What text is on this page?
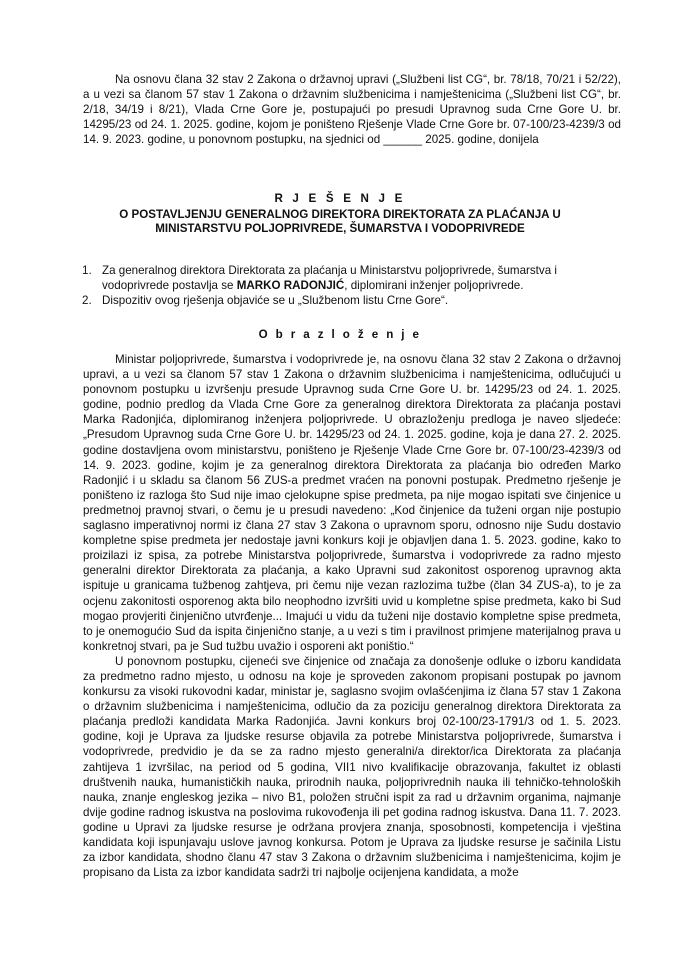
Na osnovu člana 32 stav 2 Zakona o državnoj upravi („Službeni list CG“, br. 78/18, 70/21 i 52/22), a u vezi sa članom 57 stav 1 Zakona o državnim službenicima i namještenicima („Službeni list CG“, br. 2/18, 34/19 i 8/21), Vlada Crne Gore je, postupajući po presudi Upravnog suda Crne Gore U. br. 14295/23 od 24. 1. 2025. godine, kojom je poništeno Rješenje Vlade Crne Gore br. 07-100/23-4239/3 od 14. 9. 2023. godine, u ponovnom postupku, na sjednici od ______ 2025. godine, donijela
R J E Š E N J E
O POSTAVLJENJU GENERALNOG DIREKTORA DIREKTORATA ZA PLAĆANJA U
MINISTARSTVU POLJOPRIVREDE, ŠUMARSTVA I VODOPRIVREDE
1. Za generalnog direktora Direktorata za plaćanja u Ministarstvu poljoprivrede, šumarstva i vodoprivrede postavlja se MARKO RADONJIĆ, diplomirani inženjer poljoprivrede.
2. Dispozitiv ovog rješenja objaviće se u „Službenom listu Crne Gore“.
O b r a z l o ž e n j e

Ministar poljoprivrede, šumarstva i vodoprivrede je, na osnovu člana 32 stav 2 Zakona o državnoj upravi, a u vezi sa članom 57 stav 1 Zakona o državnim službenicima i namještenicima, odlučujući u ponovnom postupku u izvršenju presude Upravnog suda Crne Gore U. br. 14295/23 od 24. 1. 2025. godine, podnio predlog da Vlada Crne Gore za generalnog direktora Direktorata za plaćanja postavi Marka Radonjića, diplomiranog inženjera poljoprivrede. U obrazloženju predloga je naveo sljedeće: „Presudom Upravnog suda Crne Gore U. br. 14295/23 od 24. 1. 2025. godine, koja je dana 27. 2. 2025. godine dostavljena ovom ministarstvu, poništeno je Rješenje Vlade Crne Gore br. 07-100/23-4239/3 od 14. 9. 2023. godine, kojim je za generalnog direktora Direktorata za plaćanja bio određen Marko Radonjić i u skladu sa članom 56 ZUS-a predmet vraćen na ponovni postupak. Predmetno rješenje je poništeno iz razloga što Sud nije imao cjelokupne spise predmeta, pa nije mogao ispitati sve činjenice u predmetnoj pravnoj stvari, o čemu je u presudi navedeno: „Kod činjenice da tuženi organ nije postupio saglasno imperativnoj normi iz člana 27 stav 3 Zakona o upravnom sporu, odnosno nije Sudu dostavio kompletne spise predmeta jer nedostaje javni konkurs koji je objavljen dana 1. 5. 2023. godine, kako to proizilazi iz spisa, za potrebe Ministarstva poljoprivrede, šumarstva i vodoprivrede za radno mjesto generalni direktor Direktorata za plaćanja, a kako Upravni sud zakonitost osporenog upravnog akta ispituje u granicama tužbenog zahtjeva, pri čemu nije vezan razlozima tužbe (član 34 ZUS-a), to je za ocjenu zakonitosti osporenog akta bilo neophodno izvršiti uvid u kompletne spise predmeta, kako bi Sud mogao provjeriti činjenično utvrđenje... Imajući u vidu da tuženi nije dostavio kompletne spise predmeta, to je onemogućio Sud da ispita činjenično stanje, a u vezi s tim i pravilnost primjene materijalnog prava u konkretnoj stvari, pa je Sud tužbu uvažio i osporeni akt poništio.“

U ponovnom postupku, cijeneći sve činjenice od značaja za donošenje odluke o izboru kandidata za predmetno radno mjesto, u odnosu na koje je sproveden zakonom propisani postupak po javnom konkursu za visoki rukovodni kadar, ministar je, saglasno svojim ovlašćenjima iz člana 57 stav 1 Zakona o državnim službenicima i namještenicima, odlučio da za poziciju generalnog direktora Direktorata za plaćanja predloži kandidata Marka Radonjića. Javni konkurs broj 02-100/23-1791/3 od 1. 5. 2023. godine, koji je Uprava za ljudske resurse objavila za potrebe Ministarstva poljoprivrede, šumarstva i vodoprivrede, predvidio je da se za radno mjesto generalni/a direktor/ica Direktorata za plaćanja zahtijeva 1 izvršilac, na period od 5 godina, VII1 nivo kvalifikacije obrazovanja, fakultet iz oblasti društvenih nauka, humanističkih nauka, prirodnih nauka, poljoprivrednih nauka ili tehničko-tehnoloških nauka, znanje engleskog jezika – nivo B1, položen stručni ispit za rad u državnim organima, najmanje dvije godine radnog iskustva na poslovima rukovođenja ili pet godina radnog iskustva. Dana 11. 7. 2023. godine u Upravi za ljudske resurse je održana provjera znanja, sposobnosti, kompetencija i vještina kandidata koji ispunjavaju uslove javnog konkursa. Potom je Uprava za ljudske resurse je sačinila Listu za izbor kandidata, shodno članu 47 stav 3 Zakona o državnim službenicima i namještenicima, kojim je propisano da Lista za izbor kandidata sadrži tri najbolje ocijenjena kandidata, a može
